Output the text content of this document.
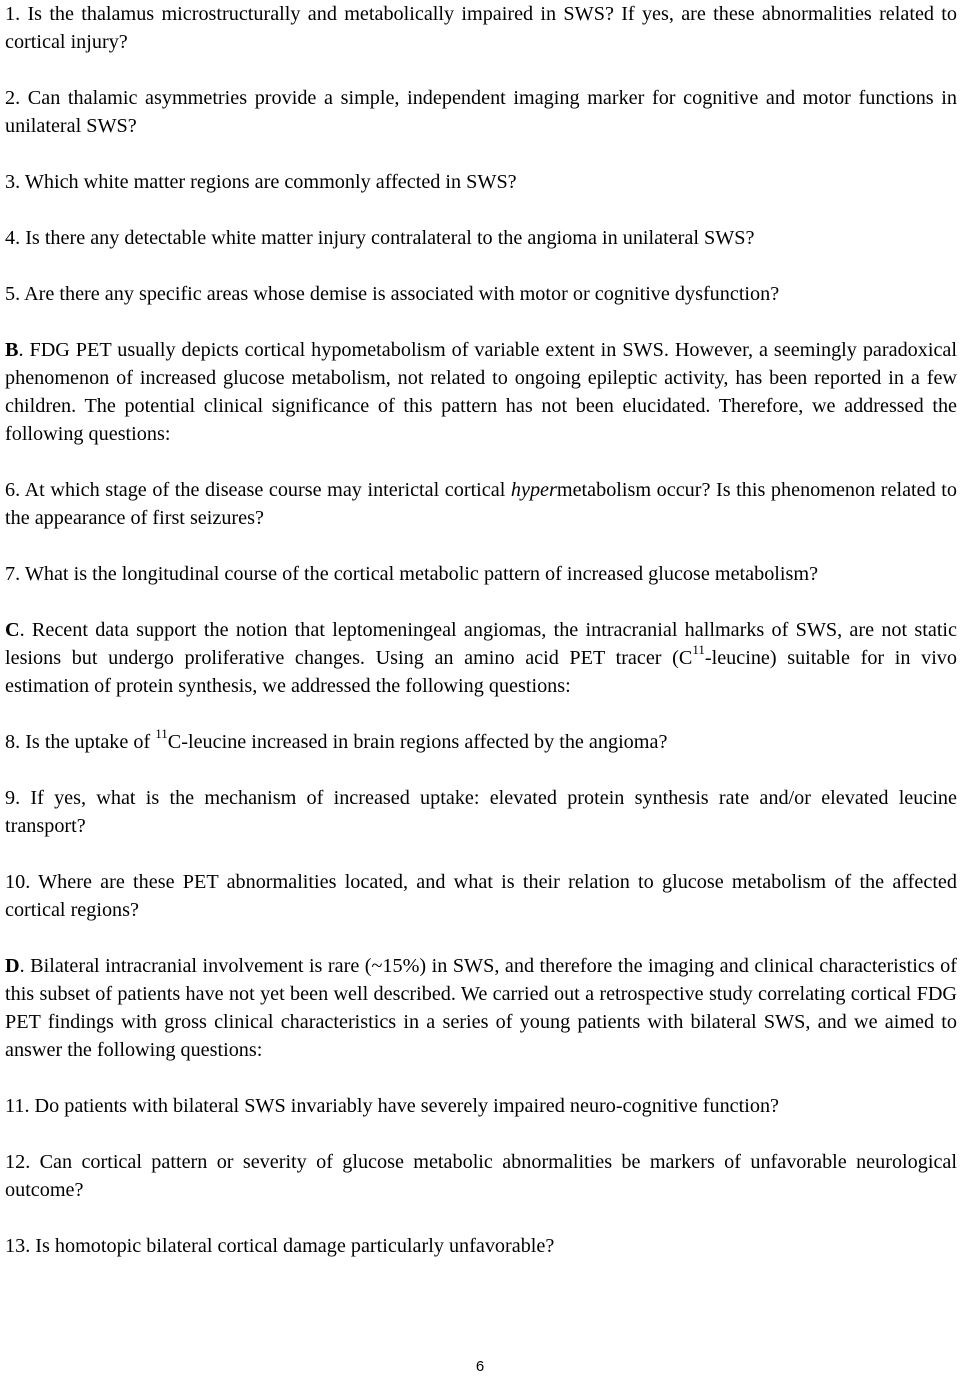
1. Is the thalamus microstructurally and metabolically impaired in SWS? If yes, are these abnormalities related to cortical injury?

2. Can thalamic asymmetries provide a simple, independent imaging marker for cognitive and motor functions in unilateral SWS?

3. Which white matter regions are commonly affected in SWS?

4. Is there any detectable white matter injury contralateral to the angioma in unilateral SWS?

5. Are there any specific areas whose demise is associated with motor or cognitive dysfunction?

B. FDG PET usually depicts cortical hypometabolism of variable extent in SWS. However, a seemingly paradoxical phenomenon of increased glucose metabolism, not related to ongoing epileptic activity, has been reported in a few children. The potential clinical significance of this pattern has not been elucidated. Therefore, we addressed the following questions:

6. At which stage of the disease course may interictal cortical hypermetabolism occur? Is this phenomenon related to the appearance of first seizures?

7. What is the longitudinal course of the cortical metabolic pattern of increased glucose metabolism?

C. Recent data support the notion that leptomeningeal angiomas, the intracranial hallmarks of SWS, are not static lesions but undergo proliferative changes. Using an amino acid PET tracer $(C^{11}-leucine)$ suitable for in vivo estimation of protein synthesis, we addressed the following questions:

8. Is the uptake of $^{11}$C-leucine increased in brain regions affected by the angioma?

9. If yes, what is the mechanism of increased uptake: elevated protein synthesis rate and/or elevated leucine transport?

10. Where are these PET abnormalities located, and what is their relation to glucose metabolism of the affected cortical regions?

D. Bilateral intracranial involvement is rare (~15%) in SWS, and therefore the imaging and clinical characteristics of this subset of patients have not yet been well described. We carried out a retrospective study correlating cortical FDG PET findings with gross clinical characteristics in a series of young patients with bilateral SWS, and we aimed to answer the following questions:

11. Do patients with bilateral SWS invariably have severely impaired neuro-cognitive function?

12. Can cortical pattern or severity of glucose metabolic abnormalities be markers of unfavorable neurological outcome?

13. Is homotopic bilateral cortical damage particularly unfavorable?

6
